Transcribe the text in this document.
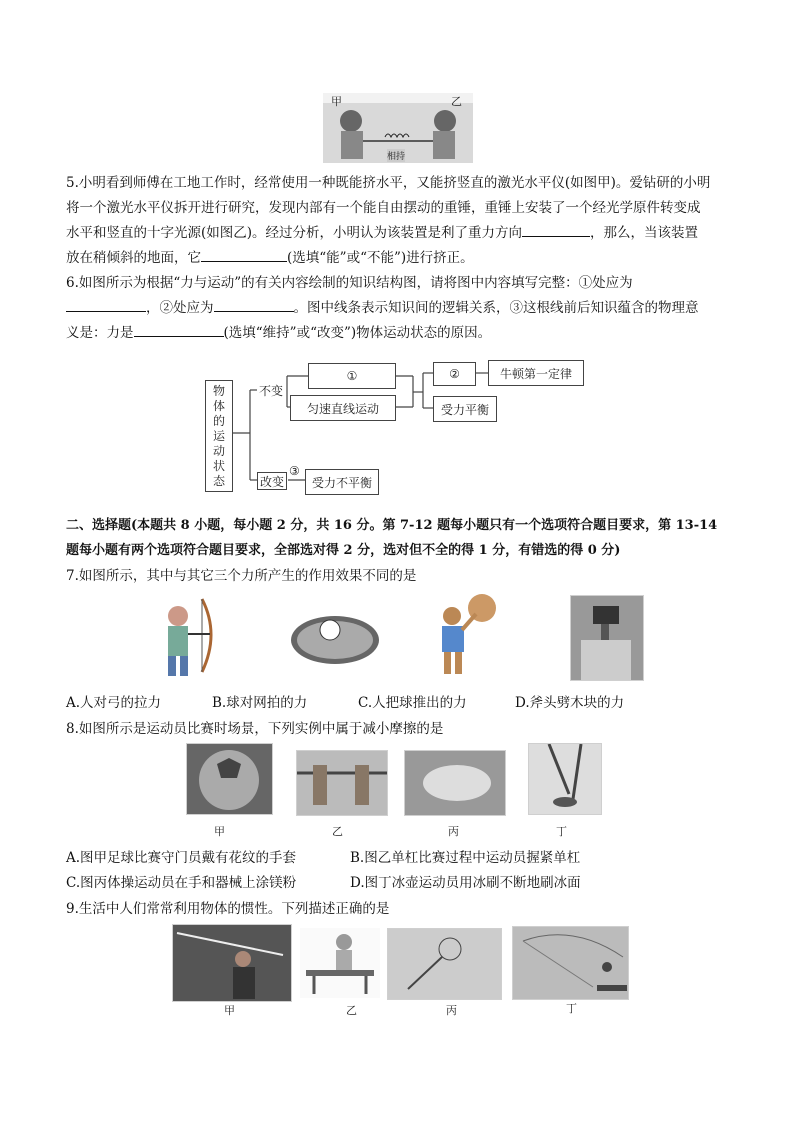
甲	乙
相持
5.小明看到师傅在工地工作时，经常使用一种既能挤水平，又能挤竖直的激光水平仪(如图甲)。爱钻研的小明
将一个激光水平仪拆开进行研究，发现内部有一个能自由摆动的重锤，重锤上安装了一个经光学原件转变成
水平和竖直的十字光源(如图乙)。经过分析，小明认为该装置是利了重力方向	，那么，当该装置
放在稍倾斜的地面，它	(选填“能”或“不能”)进行挤正。
6.如图所示为根据“力与运动”的有关内容绘制的知识结构图，请将图中内容填写完整：①处应为
，②处应为	。图中线条表示知识间的逻辑关系，③这根线前后知识蕴含的物理意
义是：力是	(选填“维持”或“改变”)物体运动状态的原因。
物
体
的
运
动
状
态
不变
改变
①
匀速直线运动
②	牛顿第一定律
受力平衡
③
受力不平衡
二、选择题(本题共 8 小题，每小题 2 分，共 16 分。第 7-12 题每小题只有一个选项符合题目要求，第 13-14
题每小题有两个选项符合题目要求，全部选对得 2 分，选对但不全的得 1 分，有错选的得 0 分)
7.如图所示，其中与其它三个力所产生的作用效果不同的是
A.人对弓的拉力	B.球对网拍的力	C.人把球推出的力	D.斧头劈木块的力
8.如图所示是运动员比赛时场景，下列实例中属于减小摩擦的是
甲	乙	丙	丁
A.图甲足球比赛守门员戴有花纹的手套	B.图乙单杠比赛过程中运动员握紧单杠
C.图丙体操运动员在手和器械上涂镁粉	D.图丁冰壶运动员用冰刷不断地刷冰面
9.生活中人们常常利用物体的惯性。下列描述正确的是
甲	乙	丙	丁
